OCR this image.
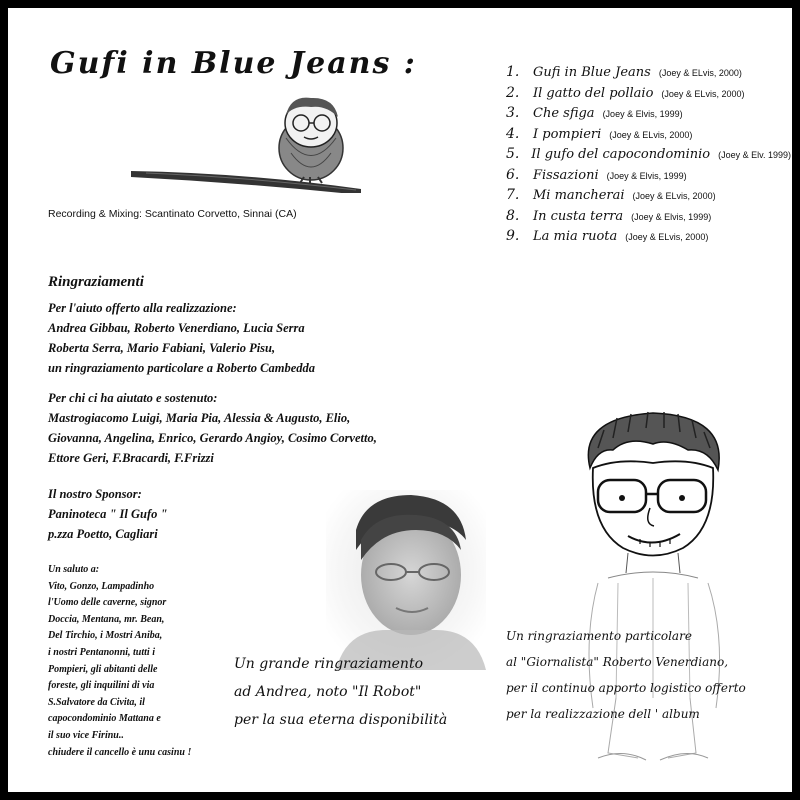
Gufi in Blue Jeans :
Recording & Mixing: Scantinato Corvetto, Sinnai (CA)
1.	Gufi in Blue Jeans (Joey & ELvis, 2000)
2.	Il gatto del pollaio (Joey & ELvis, 2000)
3.	Che sfiga (Joey & Elvis, 1999)
4.	I pompieri (Joey & ELvis, 2000)
5. Il gufo del capocondominio (Joey & Elv. 1999)
6.	Fissazioni (Joey & Elvis, 1999)
7.	Mi mancherai (Joey & ELvis, 2000)
8.	In custa terra (Joey & Elvis, 1999)
9.	La mia ruota (Joey & ELvis, 2000)
Ringraziamenti
Per l'aiuto offerto alla realizzazione:
Andrea Gibbau, Roberto Venerdiano, Lucia Serra
Roberta Serra, Mario Fabiani, Valerio Pisu,
un ringraziamento particolare a Roberto Cambedda
Per chi ci ha aiutato e sostenuto:
Mastrogiacomo Luigi, Maria Pia, Alessia & Augusto, Elio,
Giovanna, Angelina, Enrico, Gerardo Angioy, Cosimo Corvetto,
Ettore Geri, F.Bracardi, F.Frizzi
Il nostro Sponsor:
Paninoteca " Il Gufo "
p.zza Poetto, Cagliari
Un saluto a:
Vito, Gonzo, Lampadinho
l'Uomo delle caverne, signor
Doccia, Mentana, mr. Bean,
Del Tirchio, i Mostri Aniba,
i nostri Pentanonni, tutti i
Pompieri, gli abitanti delle
foreste, gli inquilini di via
S.Salvatore da Civita, il
capocondominio Mattana e
il suo vice Firinu..
chiudere il cancello è unu casinu !
Un grande ringraziamento
ad Andrea, noto "Il Robot"
per la sua eterna disponibilità
Un ringraziamento particolare
al "Giornalista" Roberto Venerdiano,
per il continuo apporto logistico offerto
per la realizzazione dell ' album
